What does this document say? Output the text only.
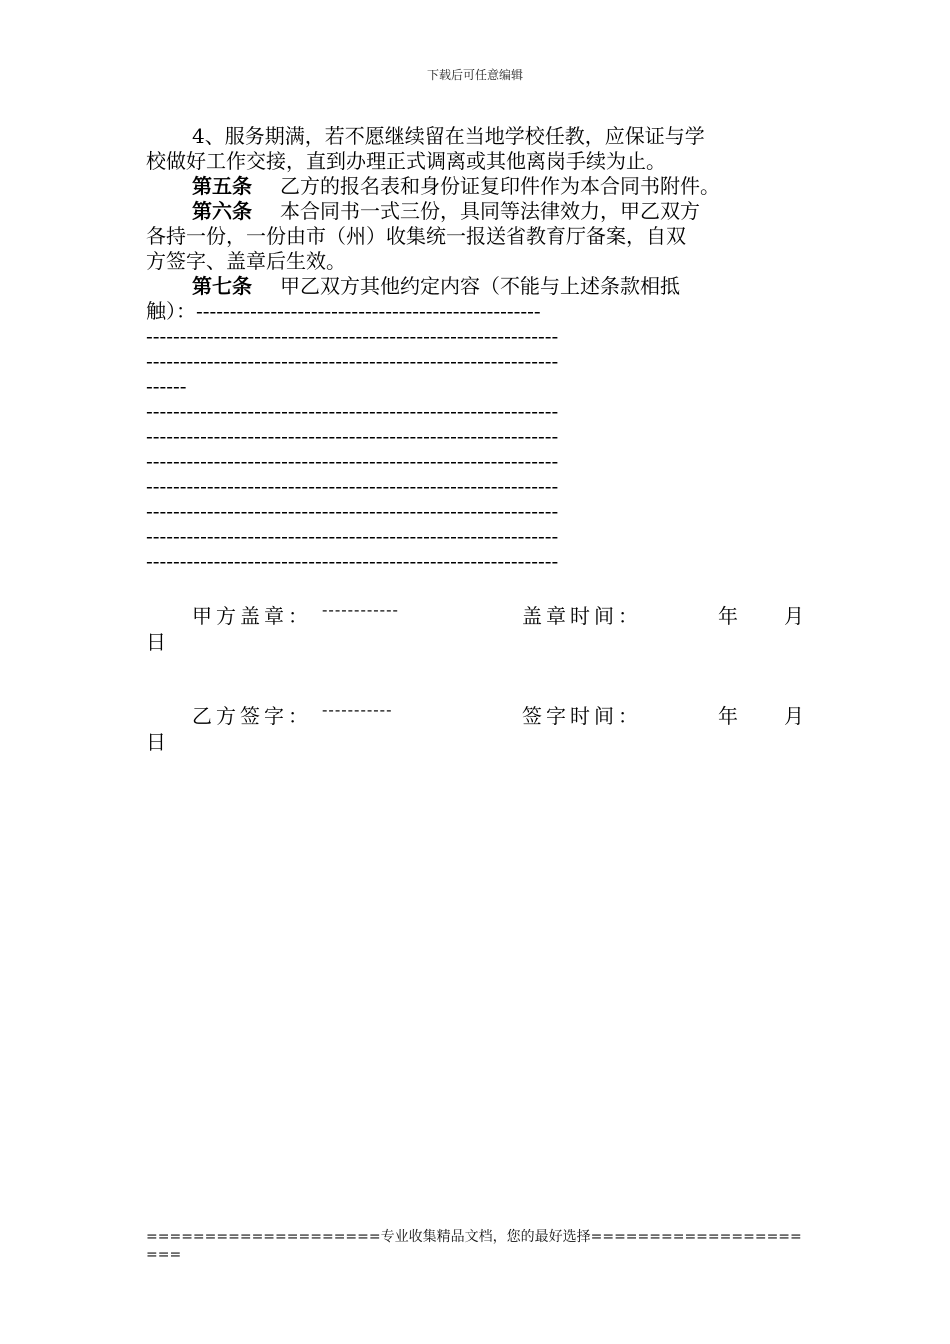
下载后可任意编辑
4、服务期满，若不愿继续留在当地学校任教，应保证与学
校做好工作交接，直到办理正式调离或其他离岗手续为止。
第五条 乙方的报名表和身份证复印件作为本合同书附件。
第六条 本合同书一式三份，具同等法律效力，甲乙双方
各持一份，一份由市（州）收集统一报送省教育厅备案，自双
方签字、盖章后生效。
第七条 甲乙双方其他约定内容（不能与上述条款相抵
触）：---------------------------------------------------
-------------------------------------------------------------
-------------------------------------------------------------
------
-------------------------------------------------------------
-------------------------------------------------------------
-------------------------------------------------------------
-------------------------------------------------------------
-------------------------------------------------------------
-------------------------------------------------------------
-------------------------------------------------------------
甲方盖章： ------------	盖章时间：	年 月
日
乙方签字： -----------	签字时间：	年 月
日
====================专业收集精品文档，您的最好选择=====================
